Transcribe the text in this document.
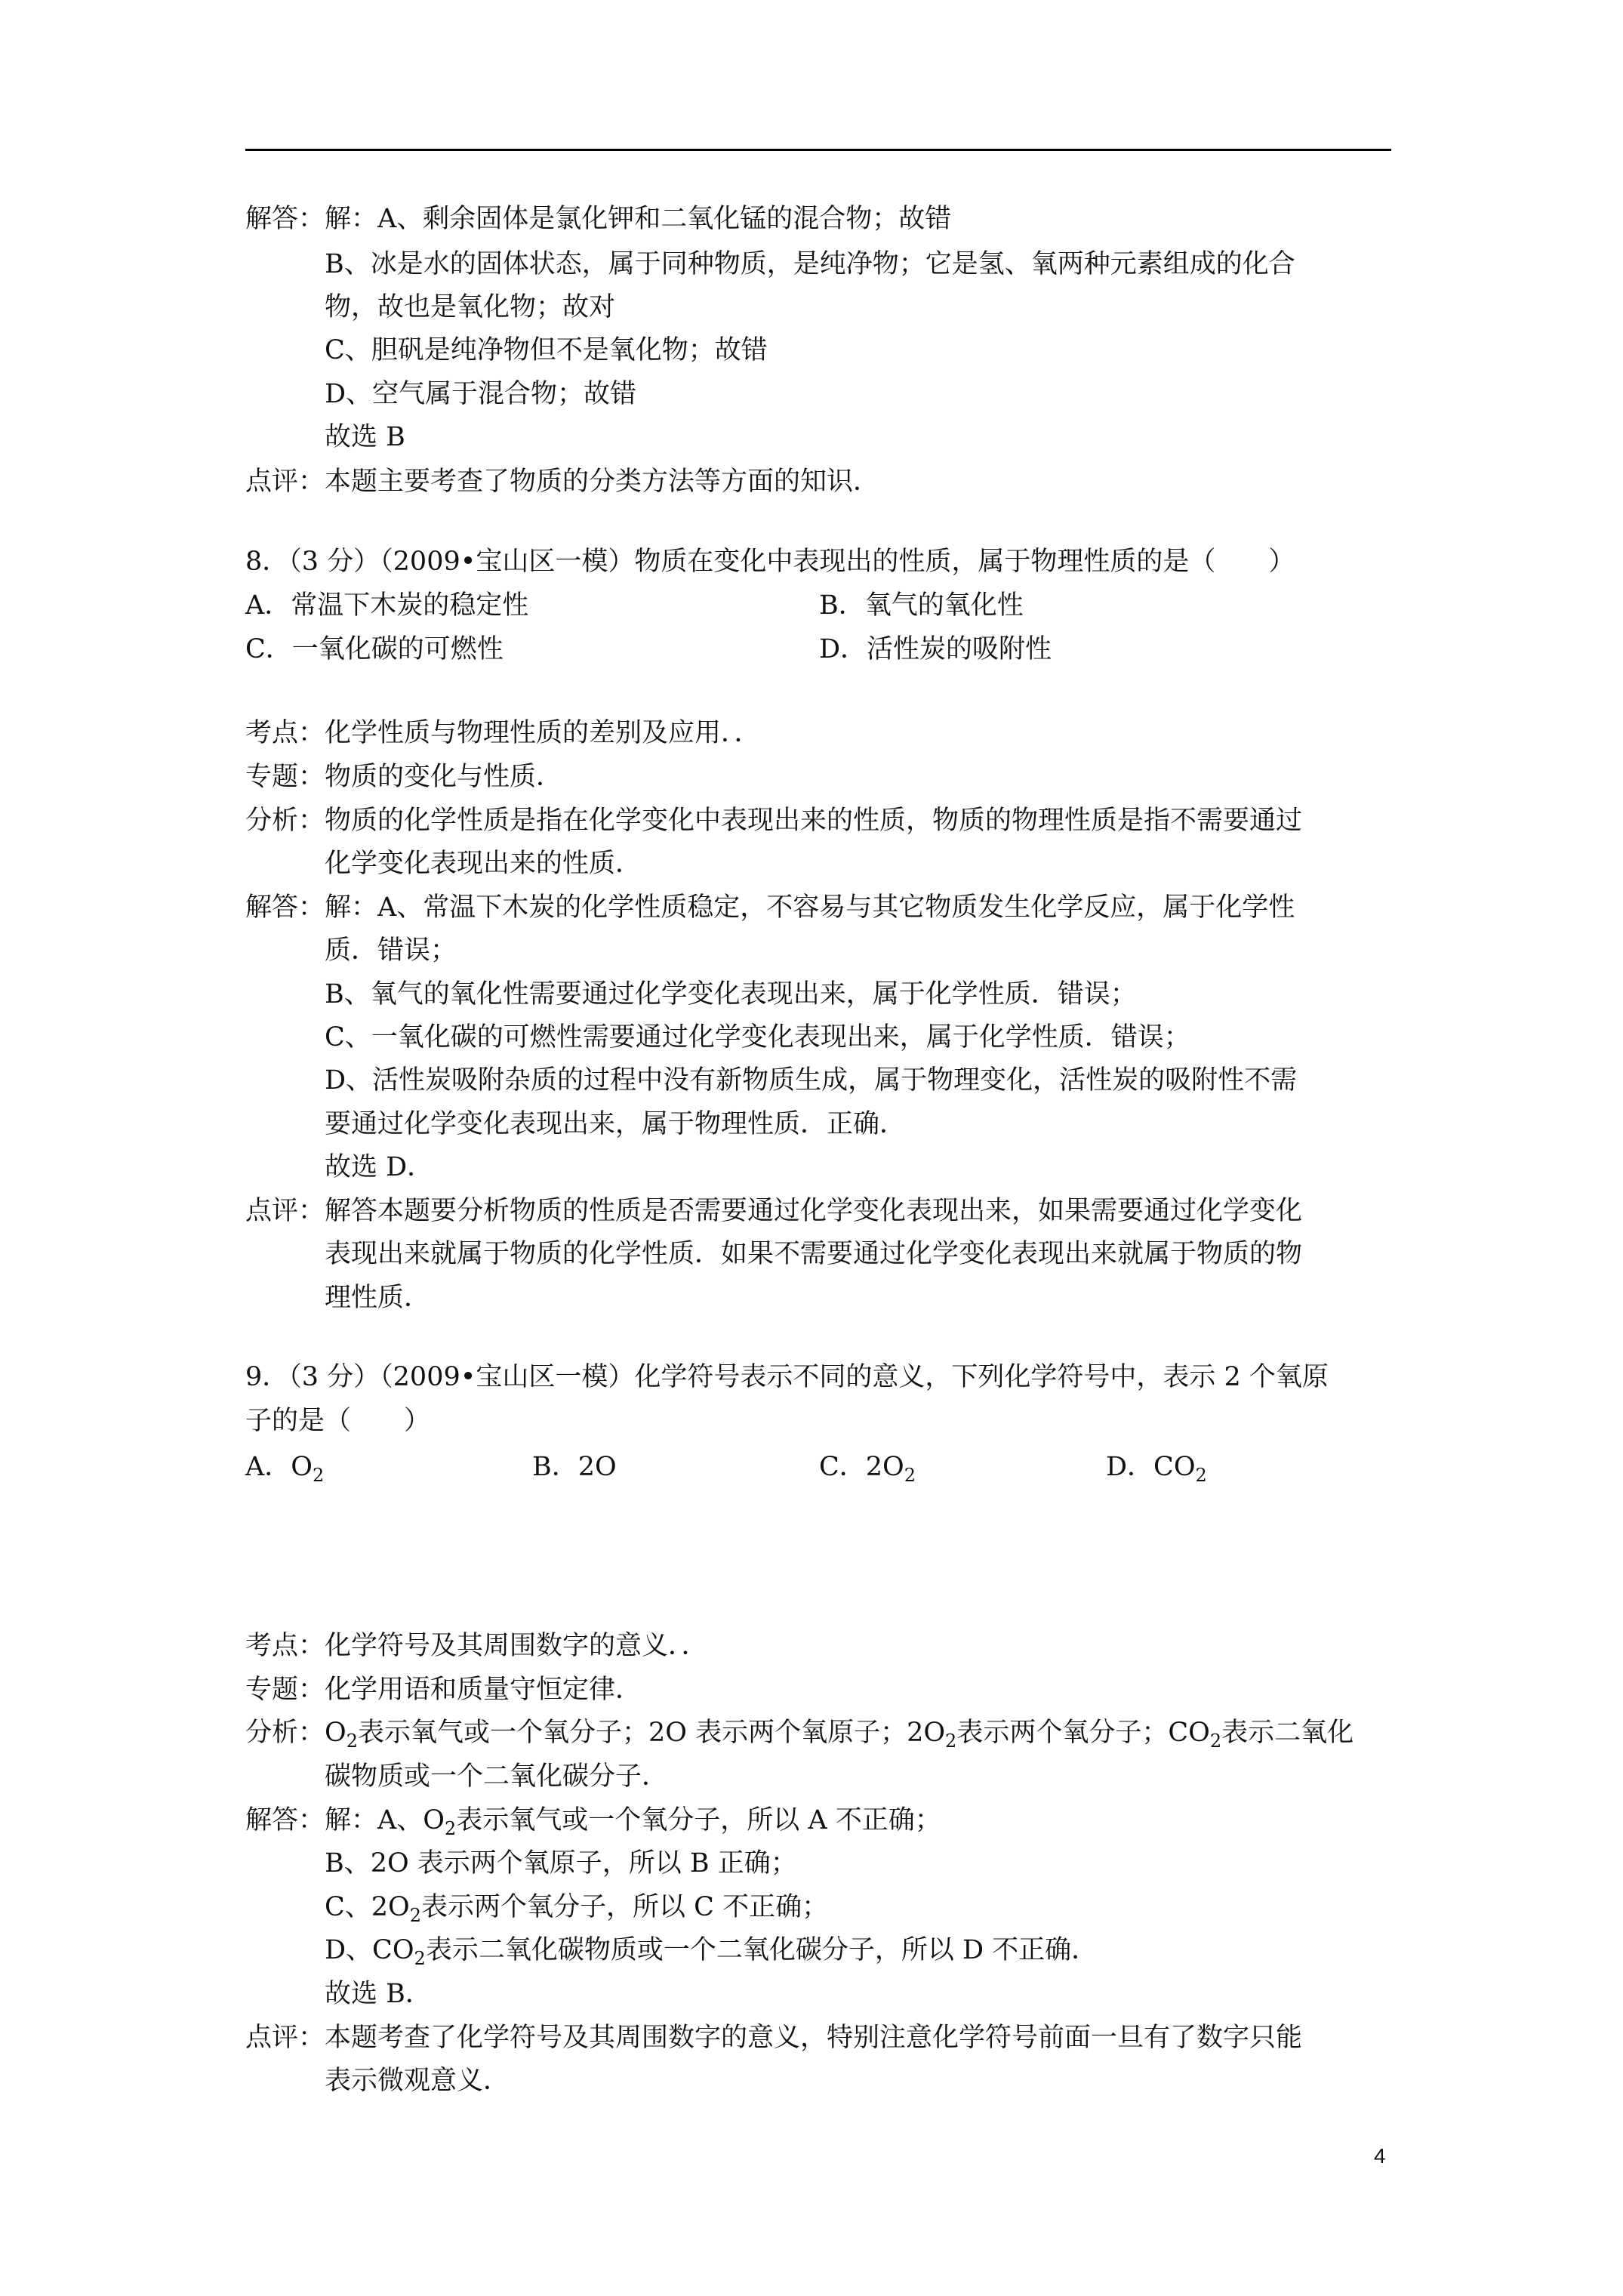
解答：解：A、剩余固体是氯化钾和二氧化锰的混合物；故错
B、冰是水的固体状态，属于同种物质，是纯净物；它是氢、氧两种元素组成的化合
物，故也是氧化物；故对
C、胆矾是纯净物但不是氧化物；故错
D、空气属于混合物；故错
故选 B
点评：本题主要考查了物质的分类方法等方面的知识．
8．（3 分）（2009•宝山区一模）物质在变化中表现出的性质，属于物理性质的是（　　）
A．常温下木炭的稳定性	B．氧气的氧化性
C．一氧化碳的可燃性	D．活性炭的吸附性
考点：化学性质与物理性质的差别及应用．．
专题：物质的变化与性质．
分析：物质的化学性质是指在化学变化中表现出来的性质，物质的物理性质是指不需要通过
化学变化表现出来的性质．
解答：解：A、常温下木炭的化学性质稳定，不容易与其它物质发生化学反应，属于化学性
质．错误；
B、氧气的氧化性需要通过化学变化表现出来，属于化学性质．错误；
C、一氧化碳的可燃性需要通过化学变化表现出来，属于化学性质．错误；
D、活性炭吸附杂质的过程中没有新物质生成，属于物理变化，活性炭的吸附性不需
要通过化学变化表现出来，属于物理性质．正确．
故选 D．
点评：解答本题要分析物质的性质是否需要通过化学变化表现出来，如果需要通过化学变化
表现出来就属于物质的化学性质．如果不需要通过化学变化表现出来就属于物质的物
理性质．
9．（3 分）（2009•宝山区一模）化学符号表示不同的意义，下列化学符号中，表示 2 个氧原
子的是（　　）
考点：化学符号及其周围数字的意义．．
专题：化学用语和质量守恒定律．
碳物质或一个二氧化碳分子．
B、2O 表示两个氧原子，所以 B 正确；
故选 B．
点评：本题考查了化学符号及其周围数字的意义，特别注意化学符号前面一旦有了数字只能
表示微观意义．
A．$O_2$	B．2O	C．$2O_2$	D．$CO_2$
分析：$O_2$表示氧气或一个氧分子；2O 表示两个氧原子；$2O_2$表示两个氧分子；$CO_2$表示二氧化
解答：解：A、$O_2$表示氧气或一个氧分子，所以 A 不正确；
C、$2O_2$表示两个氧分子，所以 C 不正确；
D、$CO_2$表示二氧化碳物质或一个二氧化碳分子，所以 D 不正确．
4
